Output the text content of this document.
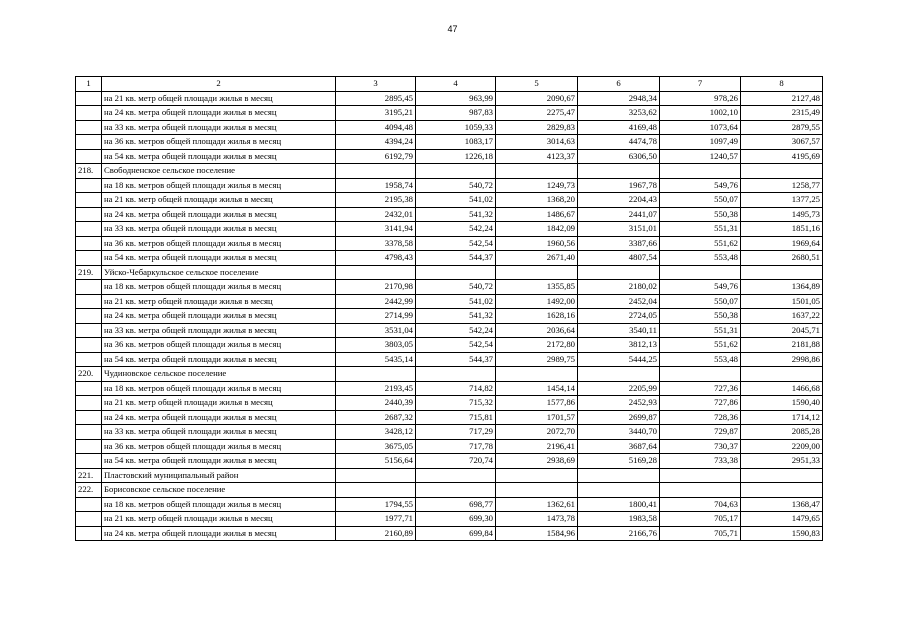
47
1	2	3	4	5	6	7	8
	на 21 кв. метр общей площади жилья в месяц	2895,45	963,99	2090,67	2948,34	978,26	2127,48
	на 24 кв. метра общей площади жилья в месяц	3195,21	987,83	2275,47	3253,62	1002,10	2315,49
	на 33 кв. метра общей площади жилья в месяц	4094,48	1059,33	2829,83	4169,48	1073,64	2879,55
	на 36 кв. метров общей площади жилья в месяц	4394,24	1083,17	3014,63	4474,78	1097,49	3067,57
	на 54 кв. метра общей площади жилья в месяц	6192,79	1226,18	4123,37	6306,50	1240,57	4195,69
218.	Свободненское сельское поселение						
	на 18 кв. метров общей площади жилья в месяц	1958,74	540,72	1249,73	1967,78	549,76	1258,77
	на 21 кв. метр общей площади жилья в месяц	2195,38	541,02	1368,20	2204,43	550,07	1377,25
	на 24 кв. метра общей площади жилья в месяц	2432,01	541,32	1486,67	2441,07	550,38	1495,73
	на 33 кв. метра общей площади жилья в месяц	3141,94	542,24	1842,09	3151,01	551,31	1851,16
	на 36 кв. метров общей площади жилья в месяц	3378,58	542,54	1960,56	3387,66	551,62	1969,64
	на 54 кв. метра общей площади жилья в месяц	4798,43	544,37	2671,40	4807,54	553,48	2680,51
219.	Уйско-Чебаркульское сельское поселение						
	на 18 кв. метров общей площади жилья в месяц	2170,98	540,72	1355,85	2180,02	549,76	1364,89
	на 21 кв. метр общей площади жилья в месяц	2442,99	541,02	1492,00	2452,04	550,07	1501,05
	на 24 кв. метра общей площади жилья в месяц	2714,99	541,32	1628,16	2724,05	550,38	1637,22
	на 33 кв. метра общей площади жилья в месяц	3531,04	542,24	2036,64	3540,11	551,31	2045,71
	на 36 кв. метров общей площади жилья в месяц	3803,05	542,54	2172,80	3812,13	551,62	2181,88
	на 54 кв. метра общей площади жилья в месяц	5435,14	544,37	2989,75	5444,25	553,48	2998,86
220.	Чудиновское сельское поселение						
	на 18 кв. метров общей площади жилья в месяц	2193,45	714,82	1454,14	2205,99	727,36	1466,68
	на 21 кв. метр общей площади жилья в месяц	2440,39	715,32	1577,86	2452,93	727,86	1590,40
	на 24 кв. метра общей площади жилья в месяц	2687,32	715,81	1701,57	2699,87	728,36	1714,12
	на 33 кв. метра общей площади жилья в месяц	3428,12	717,29	2072,70	3440,70	729,87	2085,28
	на 36 кв. метров общей площади жилья в месяц	3675,05	717,78	2196,41	3687,64	730,37	2209,00
	на 54 кв. метра общей площади жилья в месяц	5156,64	720,74	2938,69	5169,28	733,38	2951,33
221.	Пластовский муниципальный район						
222.	Борисовское сельское поселение						
	на 18 кв. метров общей площади жилья в месяц	1794,55	698,77	1362,61	1800,41	704,63	1368,47
	на 21 кв. метр общей площади жилья в месяц	1977,71	699,30	1473,78	1983,58	705,17	1479,65
	на 24 кв. метра общей площади жилья в месяц	2160,89	699,84	1584,96	2166,76	705,71	1590,83
